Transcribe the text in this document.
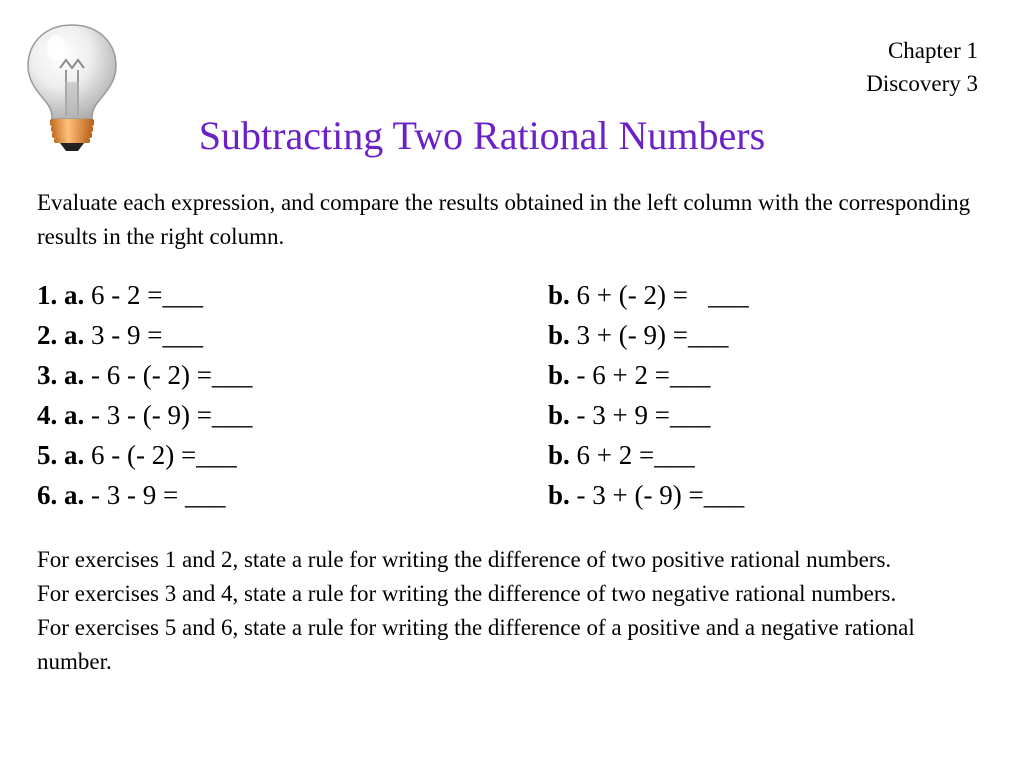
Chapter 1
Discovery 3
Subtracting Two Rational Numbers
Evaluate each expression, and compare the results obtained in the left column with the corresponding results in the right column.
1. a. 6 - 2 =___	b. 6 + (- 2) =   ___
2. a. 3 - 9 =___	b. 3 + (- 9) =___
3. a. - 6 - (- 2) =___	b. - 6 + 2 =___
4. a. - 3 - (- 9) =___	b. - 3 + 9 =___
5. a. 6 - (- 2) =___	b. 6 + 2 =___
6. a. - 3 - 9 = ___	b. - 3 + (- 9) =___

For exercises 1 and 2, state a rule for writing the difference of two positive rational numbers.

For exercises 3 and 4, state a rule for writing the difference of two negative rational numbers.

For exercises 5 and 6, state a rule for writing the difference of a positive and a negative rational number.
